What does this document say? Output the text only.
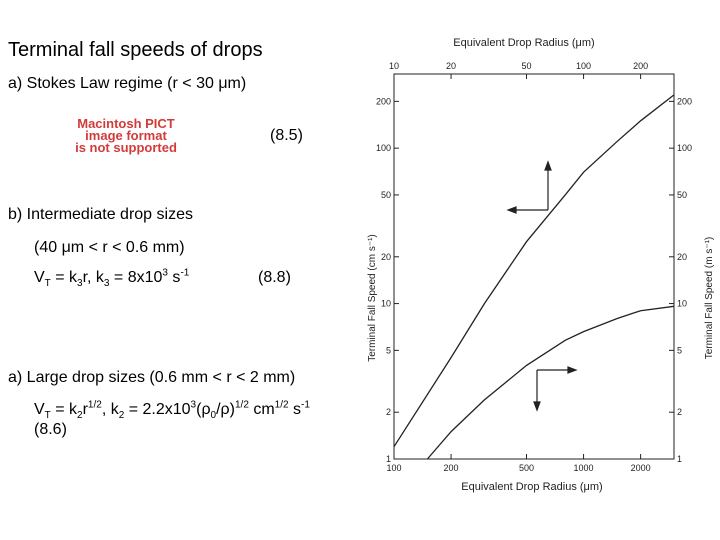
Terminal fall speeds of drops
a) Stokes Law regime (r < 30 μm)
Macintosh PICT
image format
is not supported
(8.5)
b) Intermediate drop sizes
(40 μm < r < 0.6 mm)
$V_T = k_3r$, $k_3 = 8x10^3$ $s^{-1}$	(8.8)
a) Large drop sizes (0.6 mm < r < 2 mm)
$V_T = k_2r^{1/2}$, $k_2 = 2.2x10^3(\rho_0/\rho)^{1/2}$ $cm^{1/2}$ $s^{-1}$
(8.6)
Equivalent Drop Radius (μm)
Equivalent Drop Radius (μm)
Terminal Fall Speed (cm s⁻¹)	Terminal Fall Speed (m s⁻¹)
10	20	50	100	200
100	200	500	1000	2000
1
2
5
10
20
50
100
200
1
2
5
10
20
50
100
200
